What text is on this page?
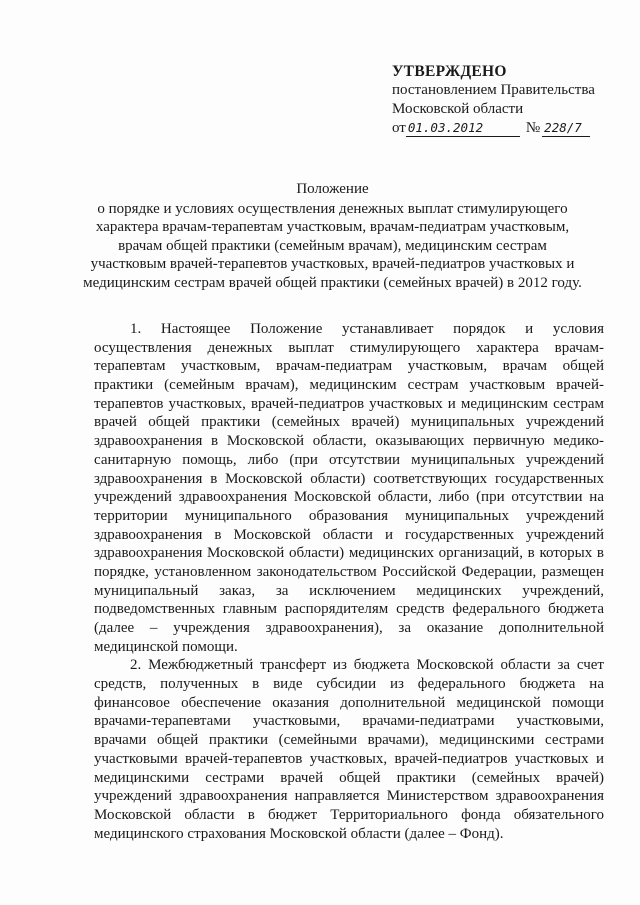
УТВЕРЖДЕНО
постановлением Правительства
Московской области
от 01.03.2012	№ 228/7
Положение
о порядке и условиях осуществления денежных выплат стимулирующего
характера врачам-терапевтам участковым, врачам-педиатрам участковым,
врачам общей практики (семейным врачам), медицинским сестрам
участковым врачей-терапевтов участковых, врачей-педиатров участковых и
медицинским сестрам врачей общей практики (семейных врачей) в 2012 году.
1. Настоящее Положение устанавливает порядок и условия
осуществления денежных выплат стимулирующего характера врачам-
терапевтам участковым, врачам-педиатрам участковым, врачам общей
практики (семейным врачам), медицинским сестрам участковым врачей-
терапевтов участковых, врачей-педиатров участковых и медицинским сестрам
врачей общей практики (семейных врачей) муниципальных учреждений
здравоохранения в Московской области, оказывающих первичную медико-
санитарную помощь, либо (при отсутствии муниципальных учреждений
здравоохранения в Московской области) соответствующих государственных
учреждений здравоохранения Московской области, либо (при отсутствии на
территории муниципального образования муниципальных учреждений
здравоохранения в Московской области и государственных учреждений
здравоохранения Московской области) медицинских организаций, в которых в
порядке, установленном законодательством Российской Федерации, размещен
муниципальный заказ, за исключением медицинских учреждений,
подведомственных главным распорядителям средств федерального бюджета
(далее – учреждения здравоохранения), за оказание дополнительной
медицинской помощи.
2. Межбюджетный трансферт из бюджета Московской области за счет
средств, полученных в виде субсидии из федерального бюджета на
финансовое обеспечение оказания дополнительной медицинской помощи
врачами-терапевтами участковыми, врачами-педиатрами участковыми,
врачами общей практики (семейными врачами), медицинскими сестрами
участковыми врачей-терапевтов участковых, врачей-педиатров участковых и
медицинскими сестрами врачей общей практики (семейных врачей)
учреждений здравоохранения направляется Министерством здравоохранения
Московской области в бюджет Территориального фонда обязательного
медицинского страхования Московской области (далее – Фонд).
